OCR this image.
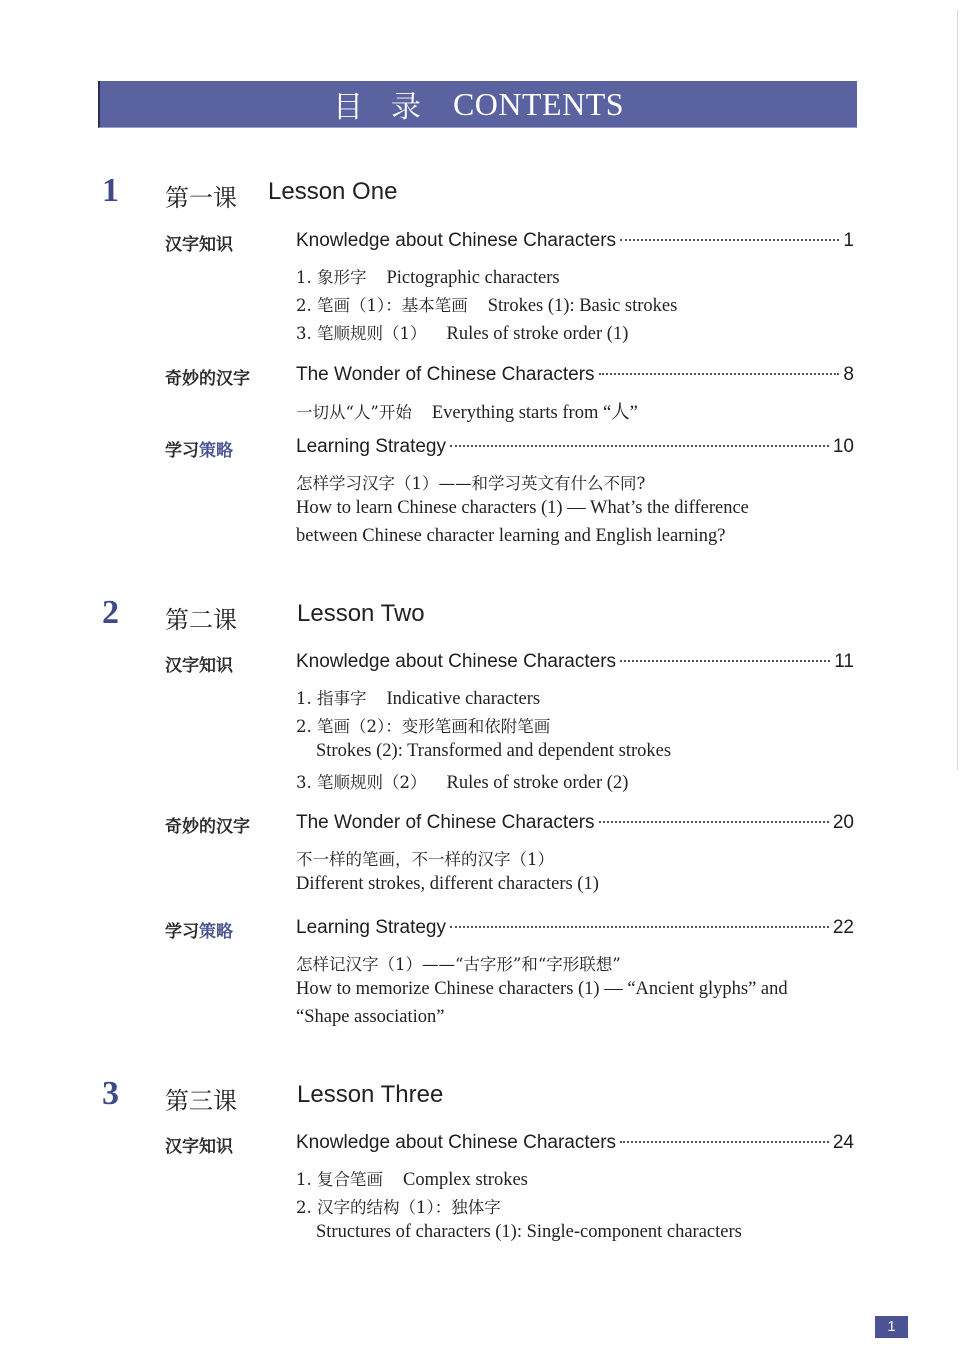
目录 CONTENTS
1 第一课 Lesson One
汉字知识	Knowledge about Chinese Characters	1
1. 象形字 Pictographic characters
2. 笔画（1）：基本笔画 Strokes (1): Basic strokes
3. 笔顺规则（1） Rules of stroke order (1)
奇妙的汉字 The Wonder of Chinese Characters	8
一切从“人”开始 Everything starts from “人”
学习策略	Learning Strategy	10
怎样学习汉字（1）——和学习英文有什么不同?
How to learn Chinese characters (1) — What’s the difference
between Chinese character learning and English learning?
2 第二课	Lesson Two
汉字知识	Knowledge about Chinese Characters	11
1. 指事字 Indicative characters
2. 笔画（2）：变形笔画和依附笔画
Strokes (2): Transformed and dependent strokes
3. 笔顺规则（2） Rules of stroke order (2)
奇妙的汉字 The Wonder of Chinese Characters	20
不一样的笔画，不一样的汉字（1）
Different strokes, different characters (1)
学习策略	Learning Strategy	22
怎样记汉字（1）——“古字形”和“字形联想”
How to memorize Chinese characters (1) — “Ancient glyphs” and
“Shape association”
3 第三课	Lesson Three
汉字知识	Knowledge about Chinese Characters	24
1. 复合笔画 Complex strokes
2. 汉字的结构（1）：独体字
Structures of characters (1): Single-component characters
1
